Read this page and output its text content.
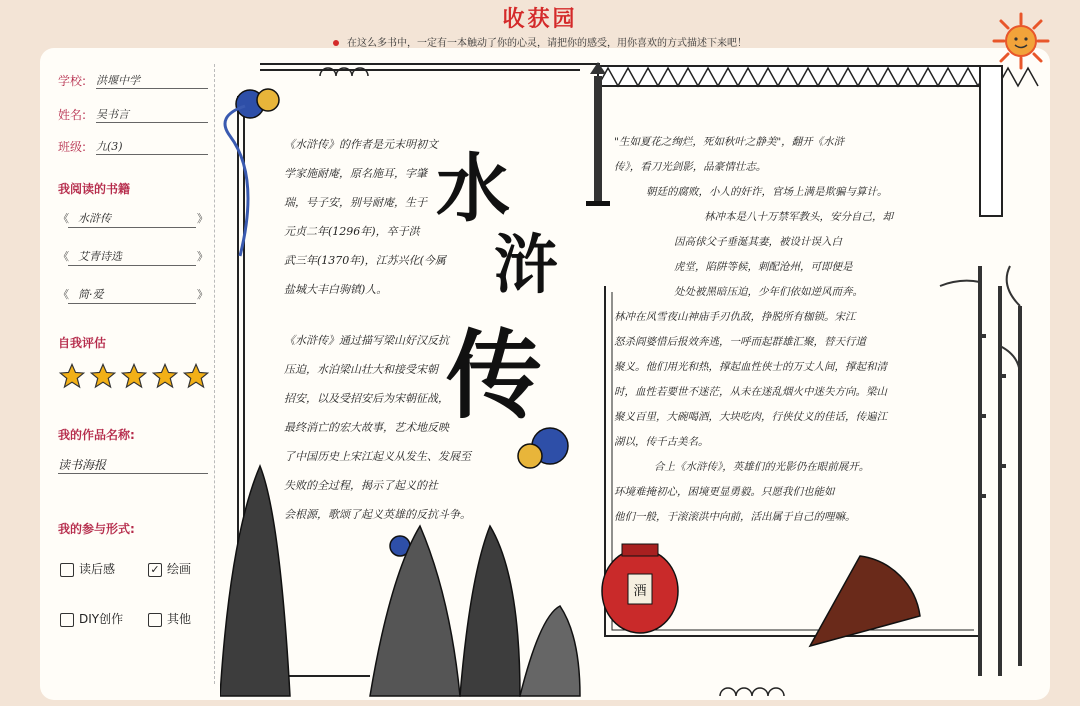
收获园
在这么多书中，一定有一本触动了你的心灵，请把你的感受，用你喜欢的方式描述下来吧！
学校: 洪堰中学
姓名: 吴书言
班级: 九(3)
我阅读的书籍
《 水浒传	》
《 艾青诗选	》
《 简·爱	》
自我评估
我的作品名称:
读书海报
我的参与形式:
读后感	✓ 绘画
DIY创作	其他
酒
水
浒
传
《水浒传》的作者是元末明初文
学家施耐庵，原名施耳，字肇
瑞，号子安，别号耐庵，生于
元贞二年(1296年)，卒于洪
武三年(1370年)，江苏兴化(今属
盐城大丰白驹镇)人。
《水浒传》通过描写梁山好汉反抗
压迫，水泊梁山壮大和接受宋朝
招安，以及受招安后为宋朝征战，
最终消亡的宏大故事，艺术地反映
了中国历史上宋江起义从发生、发展至
失败的全过程，揭示了起义的社
会根源，歌颂了起义英雄的反抗斗争。
"生如夏花之绚烂，死如秋叶之静美"，翻开《水浒
传》，看刀光剑影，品豪情壮志。
朝廷的腐败，小人的奸诈，官场上满是欺骗与算计。
林冲本是八十万禁军教头，安分自己，却
因高俅父子垂涎其妻，被设计误入白
虎堂，陷阱等候，刺配沧州，可即便是
处处被黑暗压迫，少年们依如逆风而奔。
林冲在风雪夜山神庙手刃仇敌，挣脱所有枷锁。宋江
怒杀阎婆惜后报效奔逃，一呼而起群雄汇聚，替天行道
聚义。他们用光和热，撑起血性侠士的万丈人间，撑起和清
时，血性若要世不迷茫，从未在迷乱烟火中迷失方向。梁山
聚义百里，大碗喝酒，大块吃肉，行侠仗义的佳话，传遍江
湖以，传千古美名。
合上《水浒传》，英雄们的光影仍在眼前展开。
环境难掩初心，困境更显勇毅。只愿我们也能如
他们一般，于滚滚洪中向前，活出属于自己的哩嘛。
